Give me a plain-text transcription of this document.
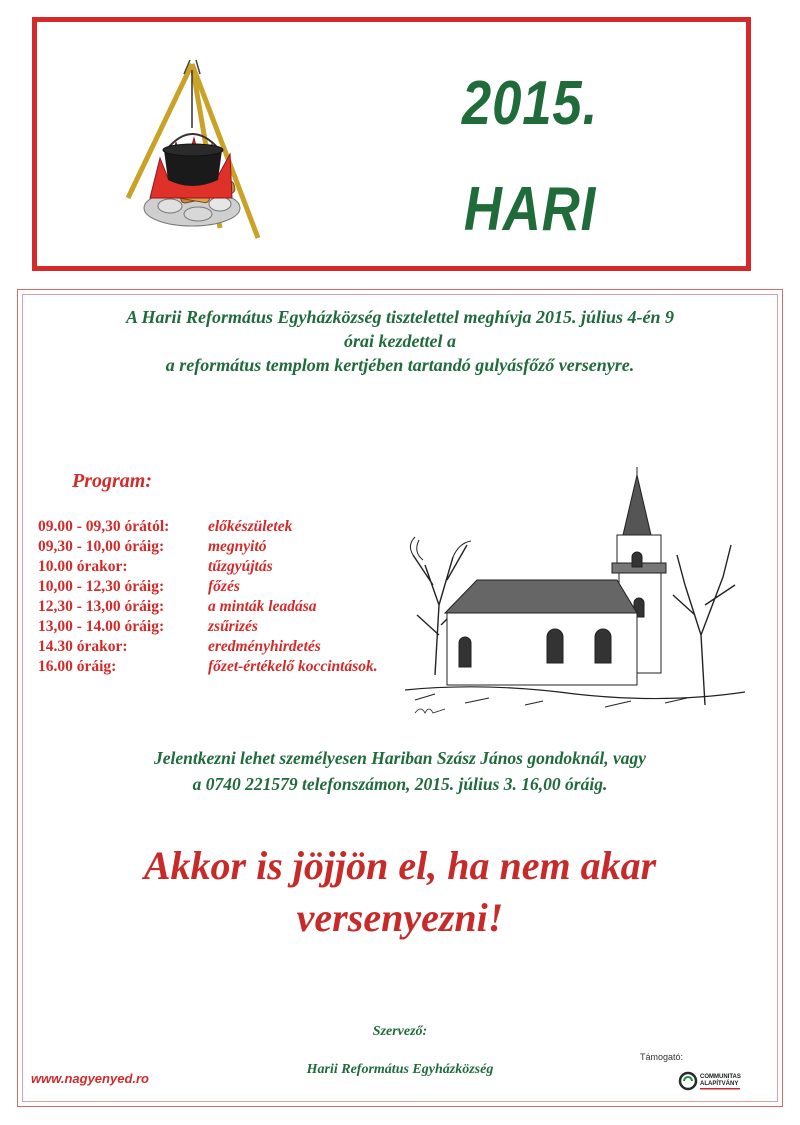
2015.
HARI
A Harii Református Egyházközség tisztelettel meghívja 2015. július 4-én 9
órai kezdettel a
a református templom kertjében tartandó gulyásfőző versenyre.
Program:
09.00 - 09,30 órától:	előkészületek
09,30 - 10,00 óráig:	megnyitó
10.00 órakor:	tűzgyújtás
10,00 - 12,30 óráig:	főzés
12,30 - 13,00 óráig:	a minták leadása
13,00 - 14.00 óráig:	zsűrizés
14.30 órakor:	eredményhirdetés
16.00 óráig:	főzet-értékelő koccintások.
Jelentkezni lehet személyesen Hariban Szász János gondoknál, vagy
a 0740 221579 telefonszámon, 2015. július 3. 16,00 óráig.
Akkor is jöjjön el, ha nem akar
versenyezni!
Szervező:
Harii Református Egyházközség
www.nagyenyed.ro
Támogató:
COMMUNITAS
ALAPÍTVÁNY
